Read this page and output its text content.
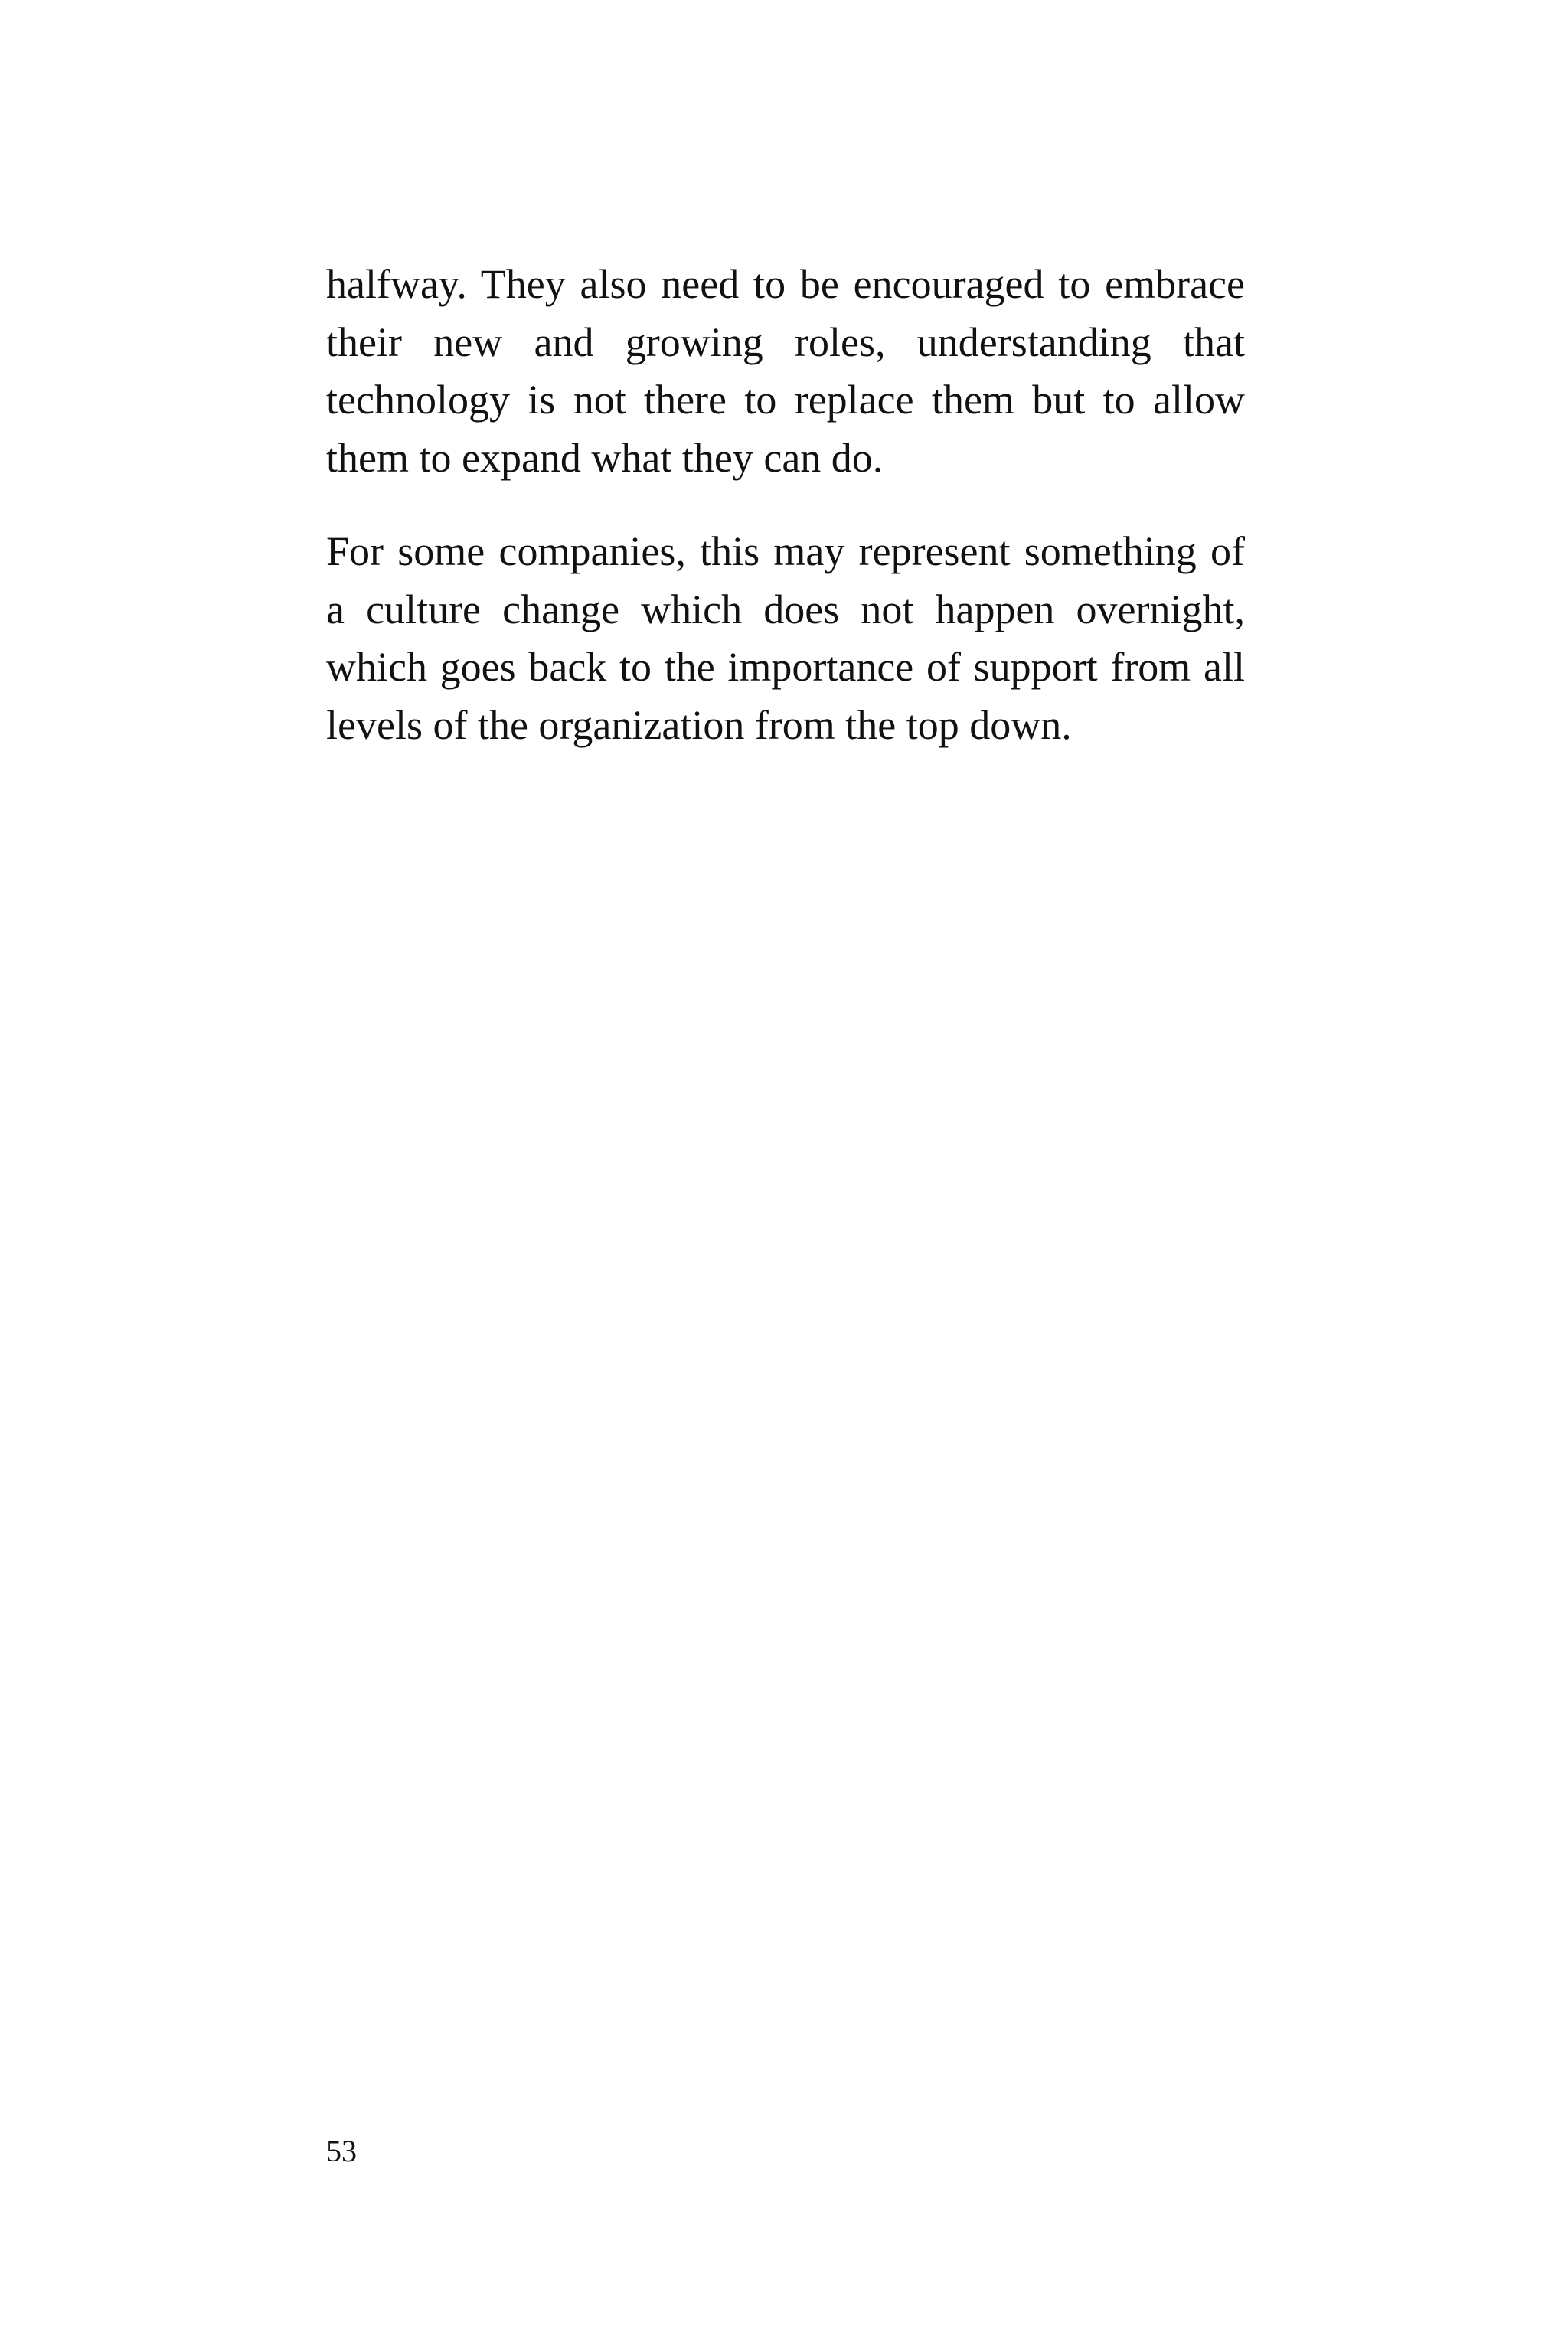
halfway. They also need to be encouraged to embrace their new and growing roles, understanding that technology is not there to replace them but to allow them to expand what they can do.

For some companies, this may represent something of a culture change which does not happen overnight, which goes back to the importance of support from all levels of the organization from the top down.

53
